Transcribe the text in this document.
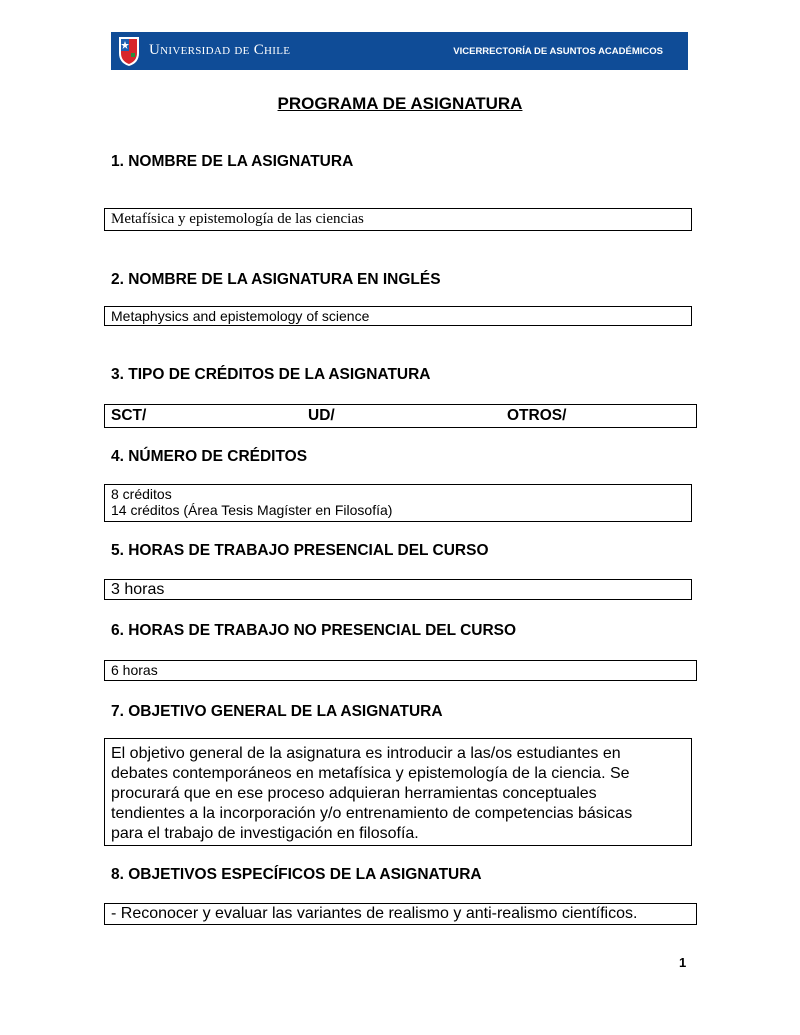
Universidad de Chile	VICERRECTORÍA DE ASUNTOS ACADÉMICOS
PROGRAMA DE ASIGNATURA
1. NOMBRE DE LA ASIGNATURA
Metafísica y epistemología de las ciencias
2. NOMBRE DE LA ASIGNATURA EN INGLÉS
Metaphysics and epistemology of science
3. TIPO DE CRÉDITOS DE LA ASIGNATURA
SCT/	UD/	OTROS/
4. NÚMERO DE CRÉDITOS
8 créditos
14 créditos (Área Tesis Magíster en Filosofía)
5. HORAS DE TRABAJO PRESENCIAL DEL CURSO
3 horas
6. HORAS DE TRABAJO NO PRESENCIAL DEL CURSO
6 horas
7. OBJETIVO GENERAL DE LA ASIGNATURA
El objetivo general de la asignatura es introducir a las/os estudiantes en
debates contemporáneos en metafísica y epistemología de la ciencia. Se
procurará que en ese proceso adquieran herramientas conceptuales
tendientes a la incorporación y/o entrenamiento de competencias básicas
para el trabajo de investigación en filosofía.
8. OBJETIVOS ESPECÍFICOS DE LA ASIGNATURA
- Reconocer y evaluar las variantes de realismo y anti-realismo científicos.
1
